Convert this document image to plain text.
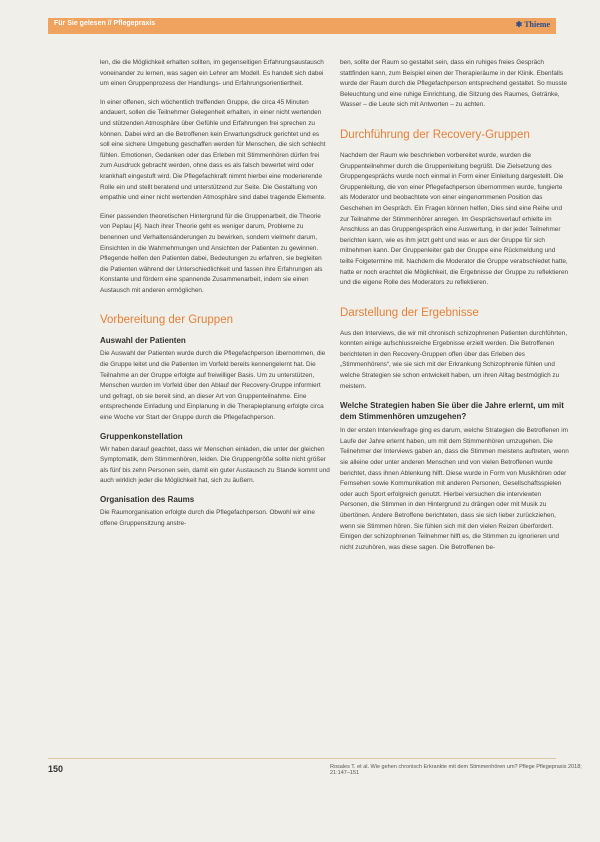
Für Sie gelesen // Pflegepraxis	✱ Thieme

len, die die Möglichkeit erhalten sollten, im gegenseitigen Erfahrungsaustausch voneinander zu lernen, was sagen ein Lehrer am Modell. Es handelt sich dabei um einen Gruppenprozess der Handlungs- und Erfahrungsorientiertheit.

In einer offenen, sich wöchentlich treffenden Gruppe, die circa 45 Minuten andauert, sollen die Teilnehmer Gelegenheit erhalten, in einer nicht wertenden und stützenden Atmosphäre über Gefühle und Erfahrungen frei sprechen zu können. Dabei wird an die Betroffenen kein Erwartungsdruck gerichtet und es soll eine sichere Umgebung geschaffen werden für Menschen, die sich schlecht fühlen. Emotionen, Gedanken oder das Erleben mit Stimmenhören dürfen frei zum Ausdruck gebracht werden, ohne dass es als falsch bewertet wird oder krankhaft eingestuft wird. Die Pflegefachkraft nimmt hierbei eine moderierende Rolle ein und stellt beratend und unterstützend zur Seite. Die Gestaltung von empathie und einer nicht wertenden Atmosphäre sind dabei tragende Elemente.

Einer passenden theoretischen Hintergrund für die Gruppenarbeit, die Theorie von Peplau [4]. Nach ihrer Theorie geht es weniger darum, Probleme zu benennen und Verhaltensänderungen zu bewirken, sondern vielmehr darum, Einsichten in die Wahrnehmungen und Ansichten der Patienten zu gewinnen. Pflegende helfen den Patienten dabei, Bedeutungen zu erfahren, sie begleiten die Patienten während der Unterschiedlichkeit und fassen ihre Erfahrungen als Konstante und fördern eine spannende Zusammenarbeit, indem sie einen Austausch mit anderen ermöglichen.

Vorbereitung der Gruppen
Auswahl der Patienten

Die Auswahl der Patienten wurde durch die Pflegefachperson übernommen, die die Gruppe leitet und die Patienten im Vorfeld bereits kennengelernt hat. Die Teilnahme an der Gruppe erfolgte auf freiwilliger Basis. Um zu unterstützen, Menschen wurden im Vorfeld über den Ablauf der Recovery-Gruppe informiert und gefragt, ob sie bereit sind, an dieser Art von Gruppenteilnahme. Eine entsprechende Einladung und Einplanung in die Therapieplanung erfolgte circa eine Woche vor Start der Gruppe durch die Pflegefachperson.

Gruppenkonstellation

Wir haben darauf geachtet, dass wir Menschen einladen, die unter der gleichen Symptomatik, dem Stimmenhören, leiden. Die Gruppengröße sollte nicht größer als fünf bis zehn Personen sein, damit ein guter Austausch zu Stande kommt und auch wirklich jeder die Möglichkeit hat, sich zu äußern.

Organisation des Raums

Die Raumorganisation erfolgte durch die Pflegefachperson. Obwohl wir eine offene Gruppensitzung anstre-

ben, sollte der Raum so gestaltet sein, dass ein ruhiges freies Gespräch stattfinden kann, zum Beispiel einen der Therapieräume in der Klinik. Ebenfalls wurde der Raum durch die Pflegefachperson entsprechend gestaltet. So musste Beleuchtung und eine ruhige Einrichtung, die Sitzung des Raumes, Getränke, Wasser – die Leute sich mit Antworten – zu achten.

Durchführung der Recovery-Gruppen

Nachdem der Raum wie beschrieben vorbereitet wurde, wurden die Gruppenteilnehmer durch die Gruppenleitung begrüßt. Die Zielsetzung des Gruppengesprächs wurde noch einmal in Form einer Einleitung dargestellt. Die Gruppenleitung, die von einer Pflegefachperson übernommen wurde, fungierte als Moderator und beobachtete von einer eingenommenen Position das Geschehen im Gespräch. Ein Fragen können helfen, Dies sind eine Reihe und zur Teilnahme der Stimmenhörer anregen. Im Gesprächsverlauf erhielte im Anschluss an das Gruppengespräch eine Auswertung, in der jeder Teilnehmer berichten kann, wie es ihm jetzt geht und was er aus der Gruppe für sich mitnehmen kann. Der Gruppenleiter gab der Gruppe eine Rückmeldung und teilte Folgetermine mit. Nachdem die Moderator die Gruppe verabschiedet hatte, hatte er noch erachtet die Möglichkeit, die Ergebnisse der Gruppe zu reflektieren und die eigene Rolle des Moderators zu reflektieren.

Darstellung der Ergebnisse

Aus den Interviews, die wir mit chronisch schizophrenen Patienten durchführten, konnten einige aufschlussreiche Ergebnisse erzielt werden. Die Betroffenen berichteten in den Recovery-Gruppen offen über das Erleben des „Stimmenhörens“, wie sie sich mit der Erkrankung Schizophrenie fühlen und welche Strategien sie schon entwickelt haben, um ihren Alltag bestmöglich zu meistern.

Welche Strategien haben Sie über die Jahre erlernt, um mit dem Stimmenhören umzugehen?

In der ersten Interviewfrage ging es darum, welche Strategien die Betroffenen im Laufe der Jahre erlernt haben, um mit dem Stimmenhören umzugehen. Die Teilnehmer der Interviews gaben an, dass die Stimmen meistens auftreten, wenn sie alleine oder unter anderen Menschen und von vielen Betroffenen wurde berichtet, dass ihnen Ablenkung hilft. Diese wurde in Form von Musikhören oder Fernsehen sowie Kommunikation mit anderen Personen, Gesellschaftsspielen oder auch Sport erfolgreich genutzt. Hierbei versuchen die interviewten Personen, die Stimmen in den Hintergrund zu drängen oder mit Musik zu übertönen. Andere Betroffene berichteten, dass sie sich lieber zurückziehen, wenn sie Stimmen hören. Sie fühlen sich mit den vielen Reizen überfordert. Einigen der schizophrenen Teilnehmer hilft es, die Stimmen zu ignorieren und nicht zuzuhören, was diese sagen. Die Betroffenen be-

150	Rosales T. et al. Wie gehen chronisch Erkrankte mit dem Stimmenhören um? Pflege Pflegepraxis 2018; 21:147–151
